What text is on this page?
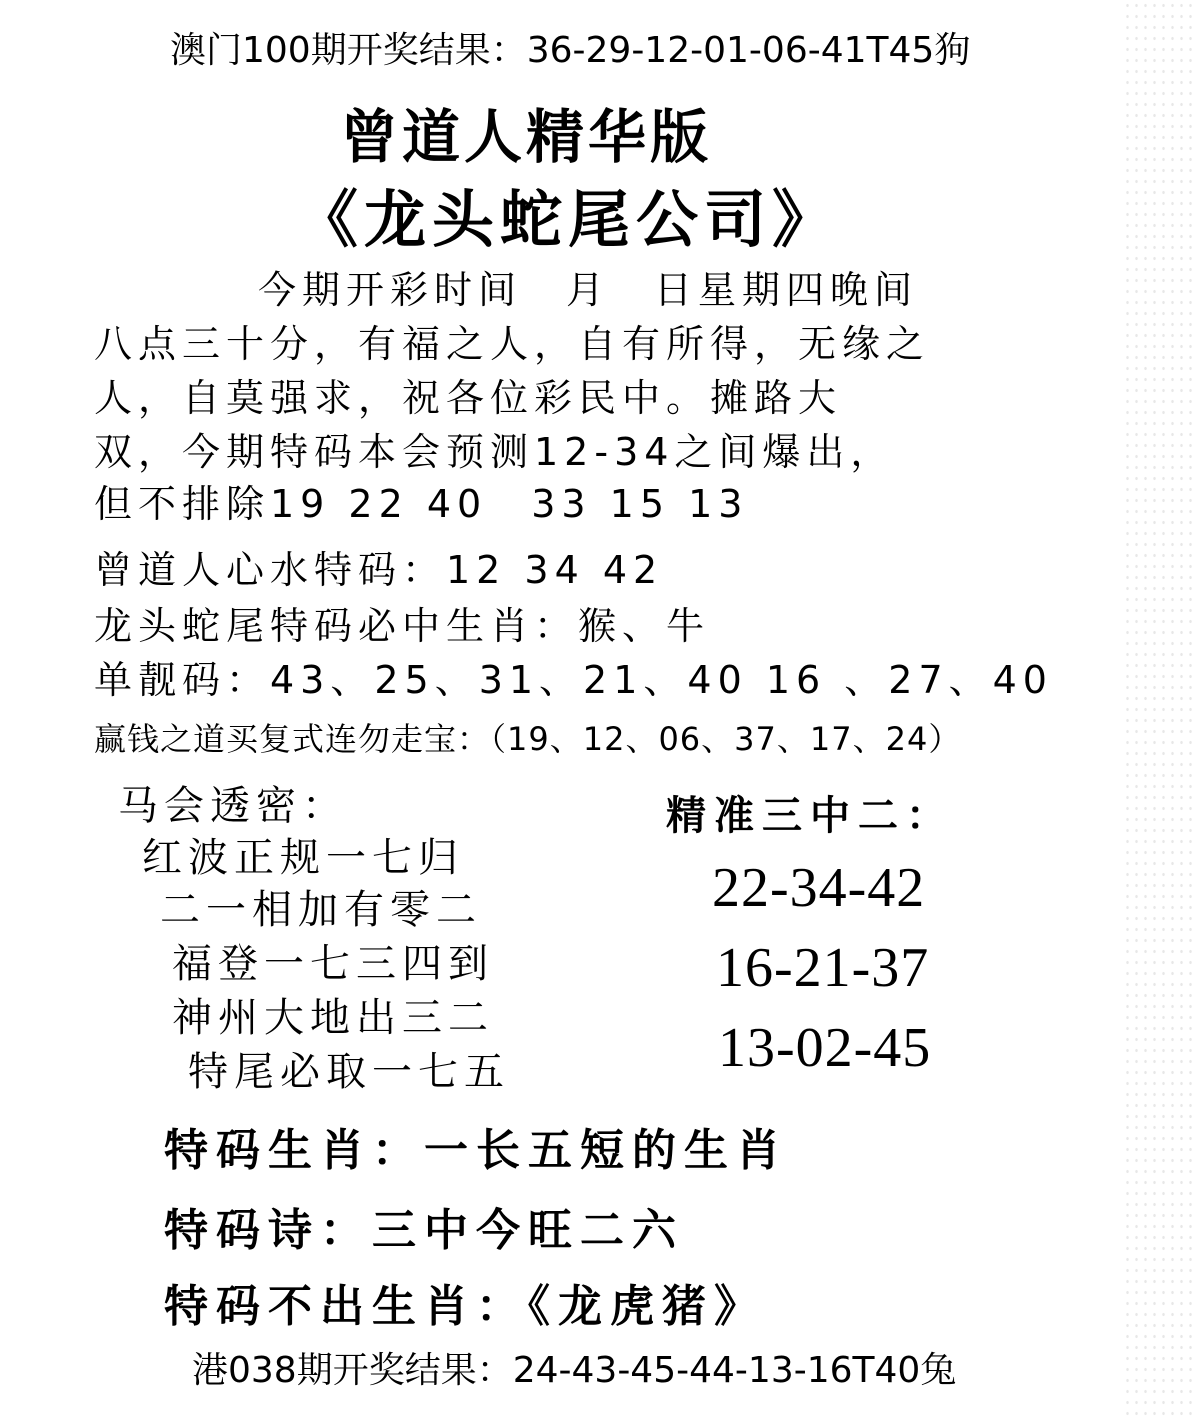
澳门100期开奖结果：36-29-12-01-06-41T45狗
曾道人精华版
《龙头蛇尾公司》
今期开彩时间　月　日星期四晚间
八点三十分，有福之人，自有所得，无缘之
人，自莫强求，祝各位彩民中。摊路大
双，今期特码本会预测12-34之间爆出，
但不排除19 22 40　33 15 13
曾道人心水特码：12 34 42
龙头蛇尾特码必中生肖：猴、牛
单靓码：43、25、31、21、40 16 、27、40
赢钱之道买复式连勿走宝：（19、12、06、37、17、24）
马会透密：
红波正规一七归
二一相加有零二
福登一七三四到
神州大地出三二
特尾必取一七五
精准三中二：
22-34-42
16-21-37
13-02-45
特码生肖：一长五短的生肖
特码诗：三中今旺二六
特码不出生肖：《龙虎猪》
港038期开奖结果：24-43-45-44-13-16T40兔
